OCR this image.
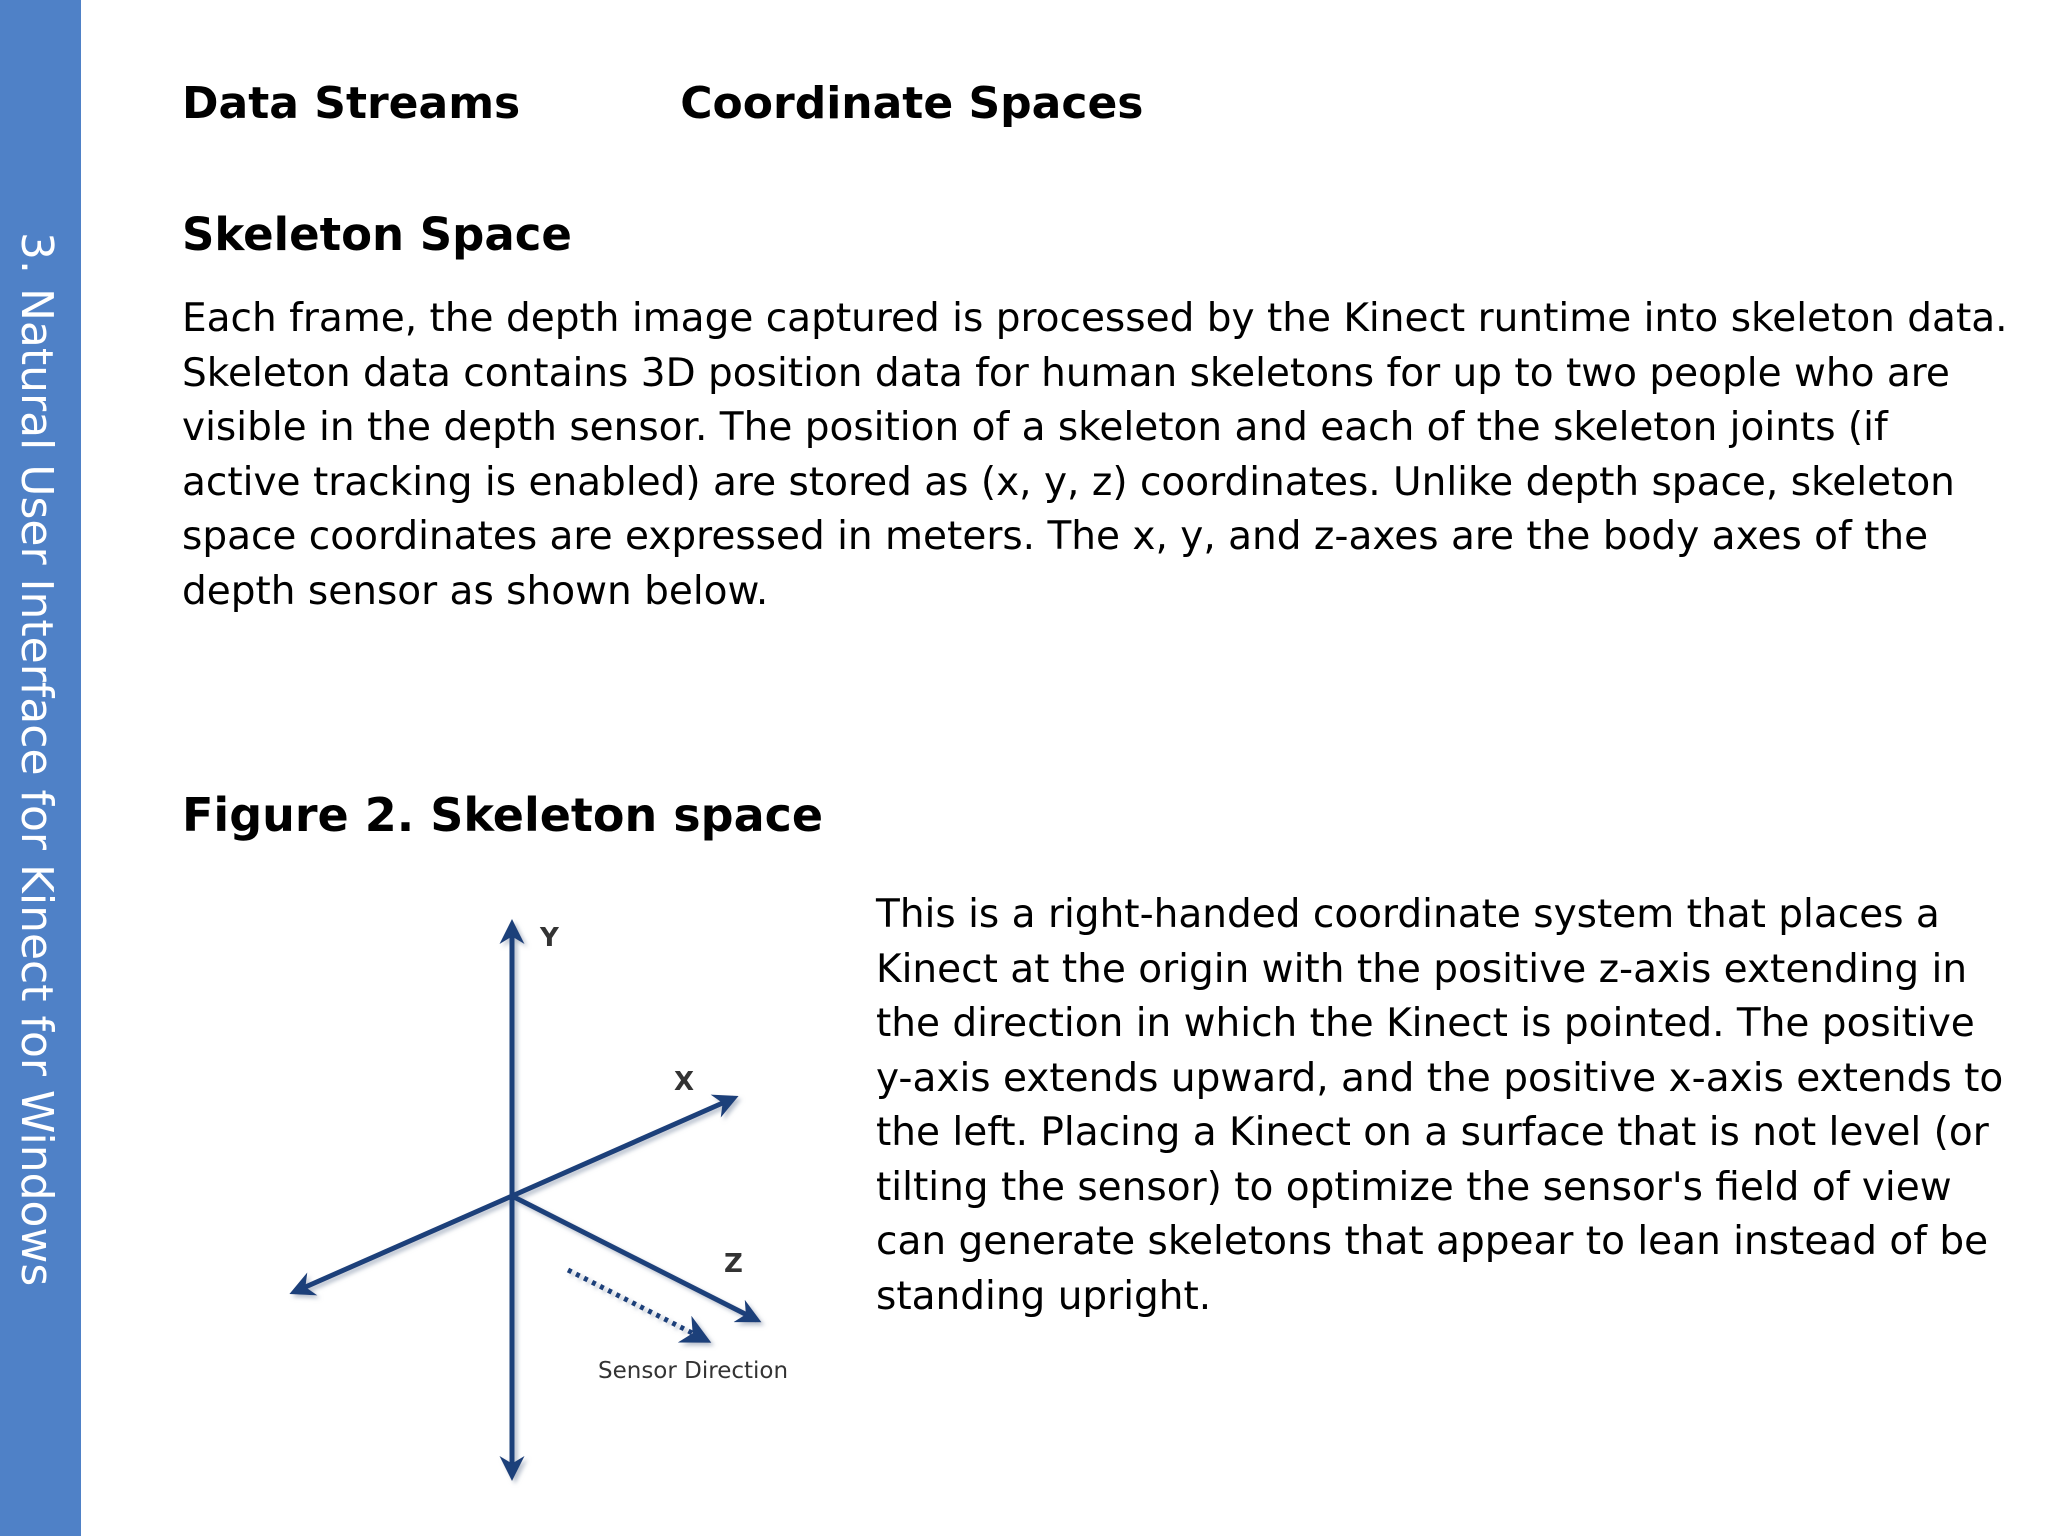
3. Natural User Interface for Kinect for Windows
Data Streams	Coordinate Spaces
Skeleton Space

Each frame, the depth image captured is processed by the Kinect runtime into skeleton data.

Skeleton data contains 3D position data for human skeletons for up to two people who are

visible in the depth sensor. The position of a skeleton and each of the skeleton joints (if

active tracking is enabled) are stored as (x, y, z) coordinates. Unlike depth space, skeleton

space coordinates are expressed in meters. The x, y, and z-axes are the body axes of the

depth sensor as shown below.

Figure 2. Skeleton space
Y
X
Z
Sensor Direction

This is a right-handed coordinate system that places a

Kinect at the origin with the positive z-axis extending in

the direction in which the Kinect is pointed. The positive

y-axis extends upward, and the positive x-axis extends to

the left. Placing a Kinect on a surface that is not level (or

tilting the sensor) to optimize the sensor's field of view

can generate skeletons that appear to lean instead of be

standing upright.
